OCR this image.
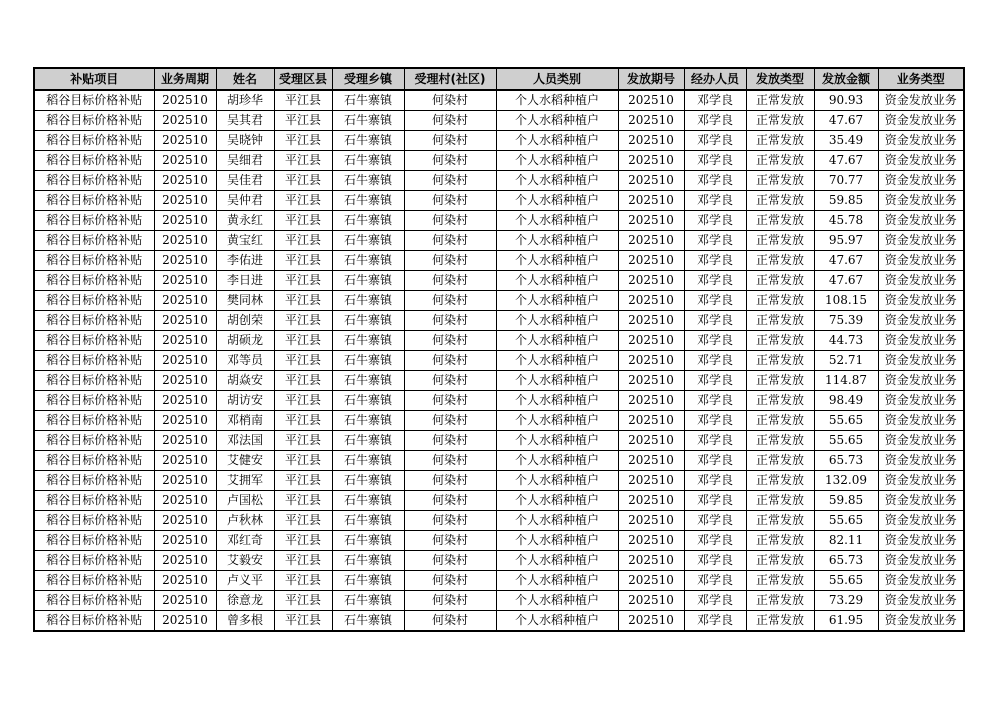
补贴项目	业务周期	姓名	受理区县	受理乡镇	受理村(社区)	人员类别	发放期号	经办人员	发放类型	发放金额	业务类型
稻谷目标价格补贴	202510	胡珍华	平江县	石牛寨镇	何染村	个人水稻种植户	202510	邓学良	正常发放	90.93	资金发放业务
稻谷目标价格补贴	202510	吴其君	平江县	石牛寨镇	何染村	个人水稻种植户	202510	邓学良	正常发放	47.67	资金发放业务
稻谷目标价格补贴	202510	吴晓钟	平江县	石牛寨镇	何染村	个人水稻种植户	202510	邓学良	正常发放	35.49	资金发放业务
稻谷目标价格补贴	202510	吴细君	平江县	石牛寨镇	何染村	个人水稻种植户	202510	邓学良	正常发放	47.67	资金发放业务
稻谷目标价格补贴	202510	吴佳君	平江县	石牛寨镇	何染村	个人水稻种植户	202510	邓学良	正常发放	70.77	资金发放业务
稻谷目标价格补贴	202510	吴仲君	平江县	石牛寨镇	何染村	个人水稻种植户	202510	邓学良	正常发放	59.85	资金发放业务
稻谷目标价格补贴	202510	黄永红	平江县	石牛寨镇	何染村	个人水稻种植户	202510	邓学良	正常发放	45.78	资金发放业务
稻谷目标价格补贴	202510	黄宝红	平江县	石牛寨镇	何染村	个人水稻种植户	202510	邓学良	正常发放	95.97	资金发放业务
稻谷目标价格补贴	202510	李佑进	平江县	石牛寨镇	何染村	个人水稻种植户	202510	邓学良	正常发放	47.67	资金发放业务
稻谷目标价格补贴	202510	李日进	平江县	石牛寨镇	何染村	个人水稻种植户	202510	邓学良	正常发放	47.67	资金发放业务
稻谷目标价格补贴	202510	樊同林	平江县	石牛寨镇	何染村	个人水稻种植户	202510	邓学良	正常发放	108.15	资金发放业务
稻谷目标价格补贴	202510	胡创荣	平江县	石牛寨镇	何染村	个人水稻种植户	202510	邓学良	正常发放	75.39	资金发放业务
稻谷目标价格补贴	202510	胡硕龙	平江县	石牛寨镇	何染村	个人水稻种植户	202510	邓学良	正常发放	44.73	资金发放业务
稻谷目标价格补贴	202510	邓等员	平江县	石牛寨镇	何染村	个人水稻种植户	202510	邓学良	正常发放	52.71	资金发放业务
稻谷目标价格补贴	202510	胡焱安	平江县	石牛寨镇	何染村	个人水稻种植户	202510	邓学良	正常发放	114.87	资金发放业务
稻谷目标价格补贴	202510	胡访安	平江县	石牛寨镇	何染村	个人水稻种植户	202510	邓学良	正常发放	98.49	资金发放业务
稻谷目标价格补贴	202510	邓梢南	平江县	石牛寨镇	何染村	个人水稻种植户	202510	邓学良	正常发放	55.65	资金发放业务
稻谷目标价格补贴	202510	邓法国	平江县	石牛寨镇	何染村	个人水稻种植户	202510	邓学良	正常发放	55.65	资金发放业务
稻谷目标价格补贴	202510	艾健安	平江县	石牛寨镇	何染村	个人水稻种植户	202510	邓学良	正常发放	65.73	资金发放业务
稻谷目标价格补贴	202510	艾拥军	平江县	石牛寨镇	何染村	个人水稻种植户	202510	邓学良	正常发放	132.09	资金发放业务
稻谷目标价格补贴	202510	卢国松	平江县	石牛寨镇	何染村	个人水稻种植户	202510	邓学良	正常发放	59.85	资金发放业务
稻谷目标价格补贴	202510	卢秋林	平江县	石牛寨镇	何染村	个人水稻种植户	202510	邓学良	正常发放	55.65	资金发放业务
稻谷目标价格补贴	202510	邓红奇	平江县	石牛寨镇	何染村	个人水稻种植户	202510	邓学良	正常发放	82.11	资金发放业务
稻谷目标价格补贴	202510	艾毅安	平江县	石牛寨镇	何染村	个人水稻种植户	202510	邓学良	正常发放	65.73	资金发放业务
稻谷目标价格补贴	202510	卢义平	平江县	石牛寨镇	何染村	个人水稻种植户	202510	邓学良	正常发放	55.65	资金发放业务
稻谷目标价格补贴	202510	徐意龙	平江县	石牛寨镇	何染村	个人水稻种植户	202510	邓学良	正常发放	73.29	资金发放业务
稻谷目标价格补贴	202510	曾多根	平江县	石牛寨镇	何染村	个人水稻种植户	202510	邓学良	正常发放	61.95	资金发放业务
